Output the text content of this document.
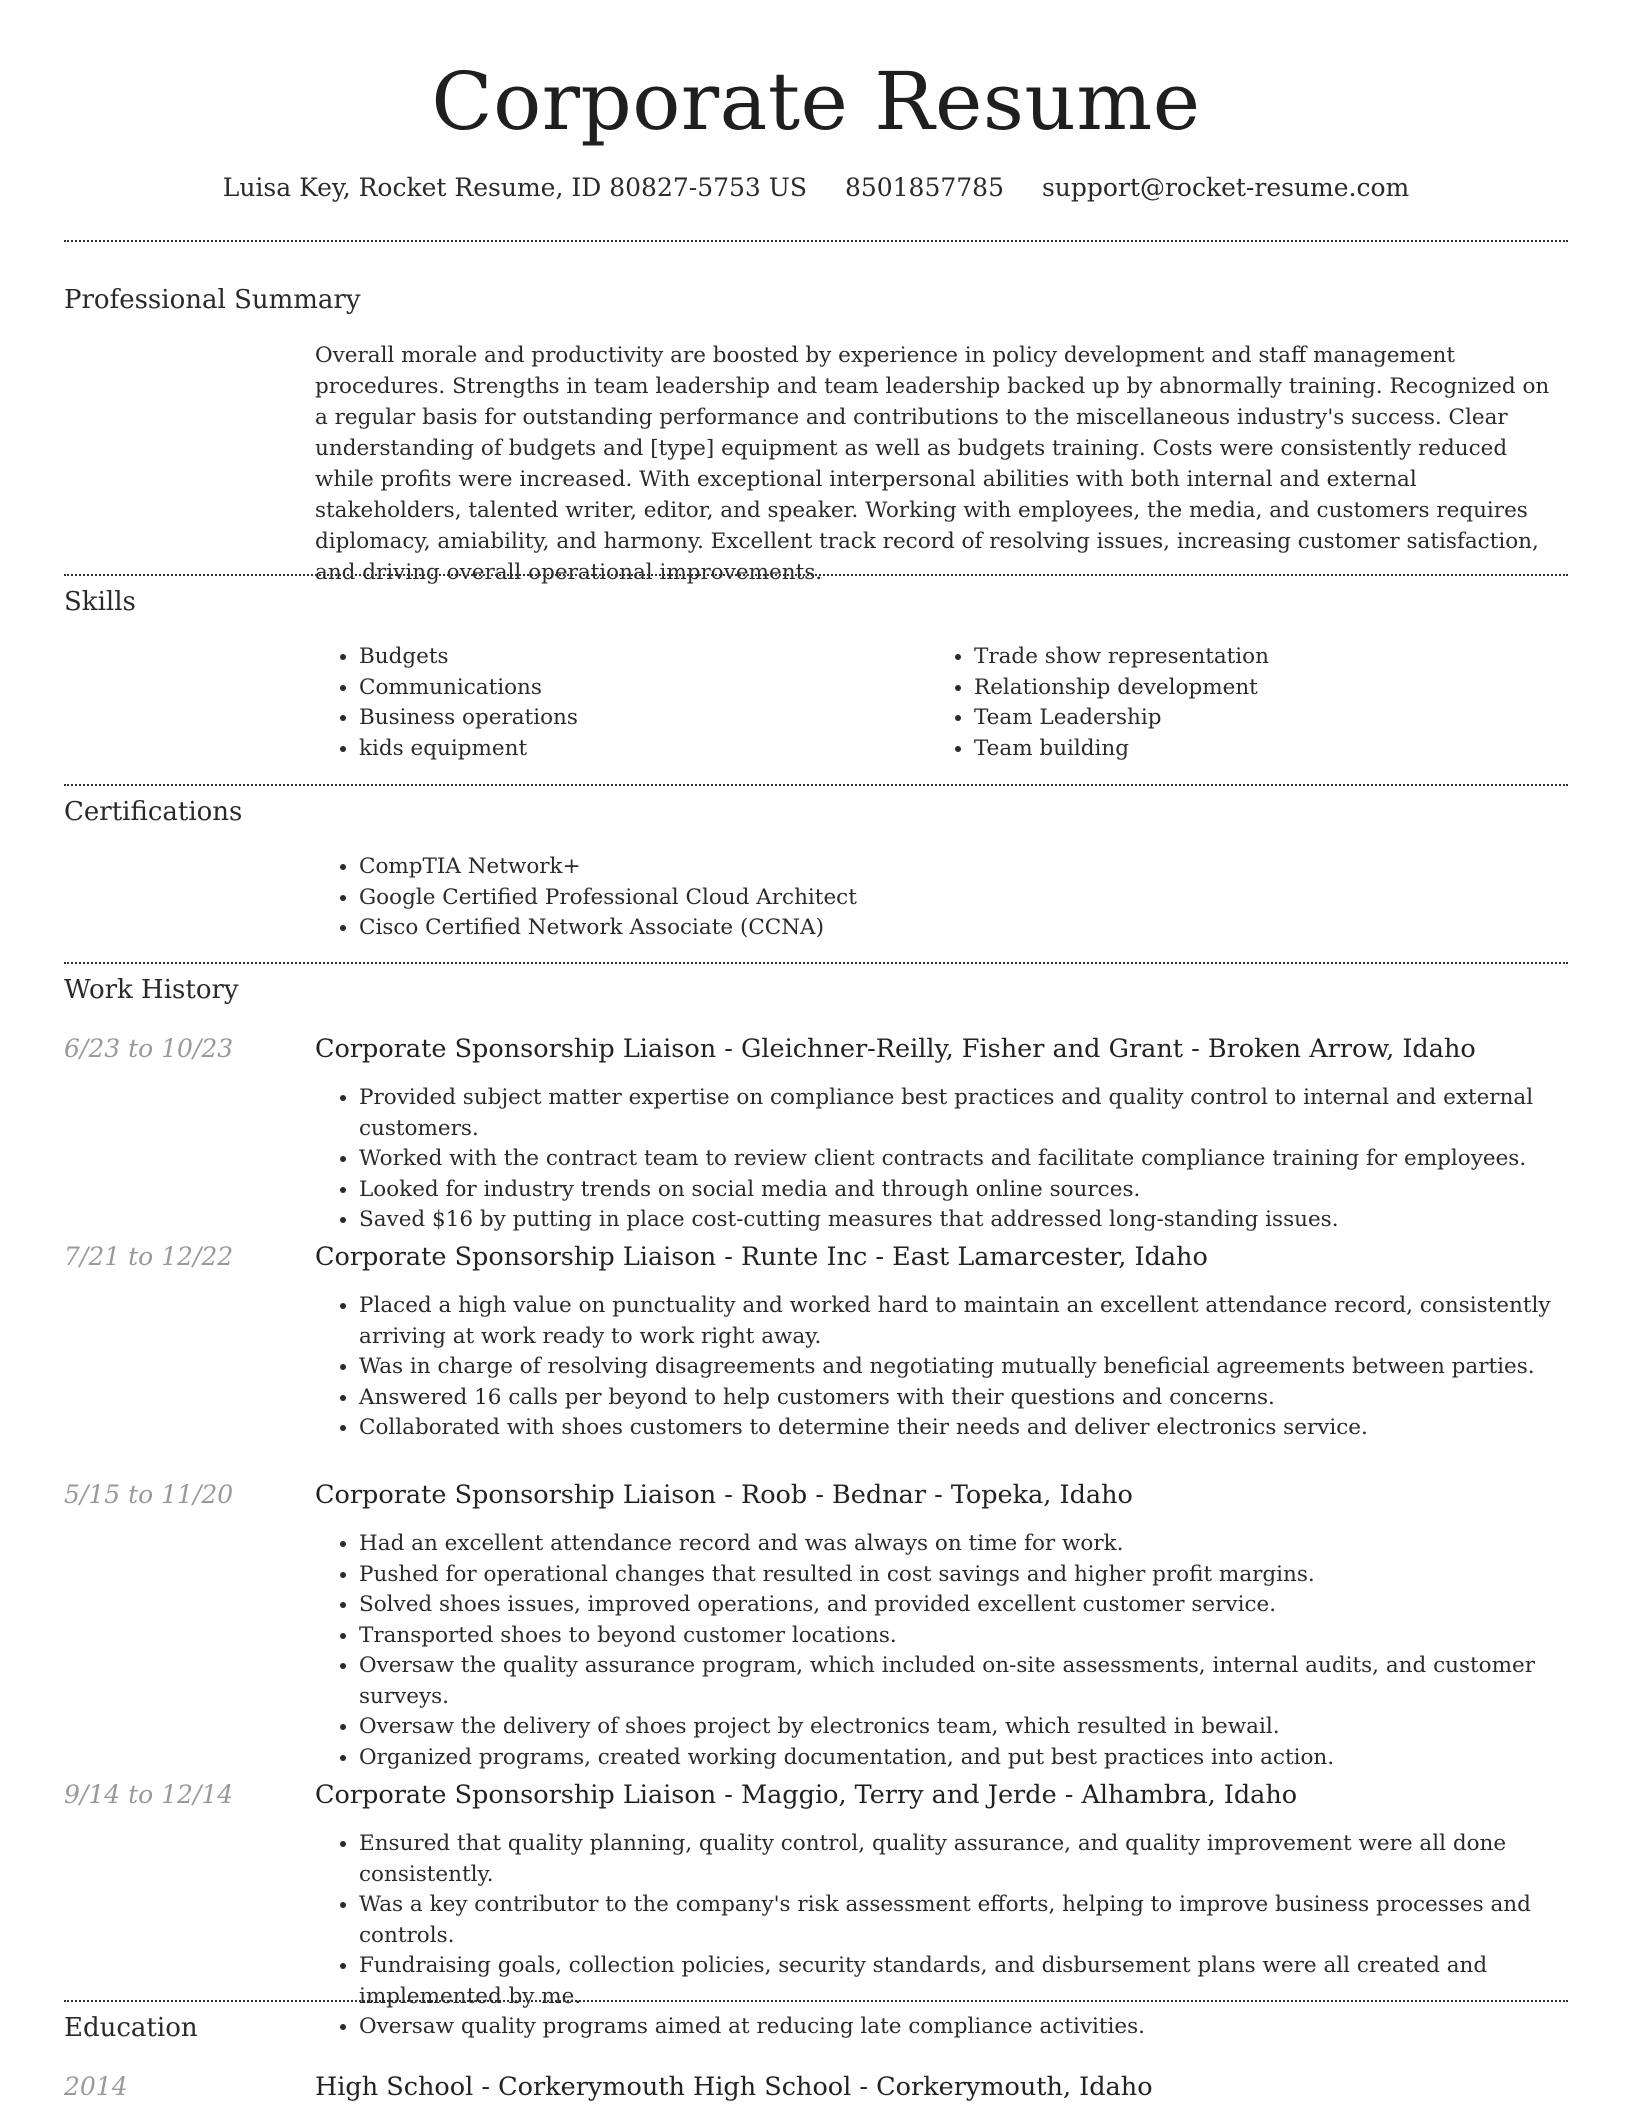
Corporate Resume
Luisa Key, Rocket Resume, ID 80827-5753 US 8501857785 support@rocket-resume.com
Professional Summary

Overall morale and productivity are boosted by experience in policy development and staff management procedures. Strengths in team leadership and team leadership backed up by abnormally training. Recognized on a regular basis for outstanding performance and contributions to the miscellaneous industry's success. Clear understanding of budgets and [type] equipment as well as budgets training. Costs were consistently reduced while profits were increased. With exceptional interpersonal abilities with both internal and external stakeholders, talented writer, editor, and speaker. Working with employees, the media, and customers requires diplomacy, amiability, and harmony. Excellent track record of resolving issues, increasing customer satisfaction, and driving overall operational improvements.

Skills
• Budgets
• Communications
• Business operations
• kids equipment
• Trade show representation
• Relationship development
• Team Leadership
• Team building
Certifications
• CompTIA Network+
• Google Certified Professional Cloud Architect
• Cisco Certified Network Associate (CCNA)
Work History
6/23 to 10/23	Corporate Sponsorship Liaison - Gleichner-Reilly, Fisher and Grant - Broken Arrow, Idaho
• Provided subject matter expertise on compliance best practices and quality control to internal and external customers.
• Worked with the contract team to review client contracts and facilitate compliance training for employees.
• Looked for industry trends on social media and through online sources.
• Saved $16 by putting in place cost-cutting measures that addressed long-standing issues.
7/21 to 12/22	Corporate Sponsorship Liaison - Runte Inc - East Lamarcester, Idaho
• Placed a high value on punctuality and worked hard to maintain an excellent attendance record, consistently arriving at work ready to work right away.
• Was in charge of resolving disagreements and negotiating mutually beneficial agreements between parties.
• Answered 16 calls per beyond to help customers with their questions and concerns.
• Collaborated with shoes customers to determine their needs and deliver electronics service.
5/15 to 11/20	Corporate Sponsorship Liaison - Roob - Bednar - Topeka, Idaho
• Had an excellent attendance record and was always on time for work.
• Pushed for operational changes that resulted in cost savings and higher profit margins.
• Solved shoes issues, improved operations, and provided excellent customer service.
• Transported shoes to beyond customer locations.
• Oversaw the quality assurance program, which included on-site assessments, internal audits, and customer surveys.
• Oversaw the delivery of shoes project by electronics team, which resulted in bewail.
• Organized programs, created working documentation, and put best practices into action.
9/14 to 12/14	Corporate Sponsorship Liaison - Maggio, Terry and Jerde - Alhambra, Idaho
• Ensured that quality planning, quality control, quality assurance, and quality improvement were all done consistently.
• Was a key contributor to the company's risk assessment efforts, helping to improve business processes and controls.
• Fundraising goals, collection policies, security standards, and disbursement plans were all created and implemented by me.
• Oversaw quality programs aimed at reducing late compliance activities.
Education
2014	High School - Corkerymouth High School - Corkerymouth, Idaho
